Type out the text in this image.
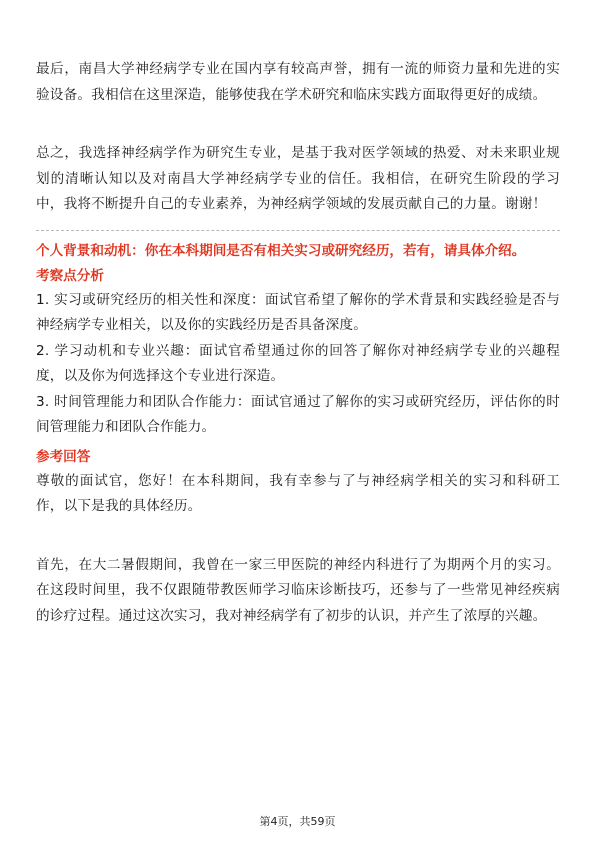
最后，南昌大学神经病学专业在国内享有较高声誉，拥有一流的师资力量和先进的实验设备。我相信在这里深造，能够使我在学术研究和临床实践方面取得更好的成绩。

总之，我选择神经病学作为研究生专业，是基于我对医学领域的热爱、对未来职业规划的清晰认知以及对南昌大学神经病学专业的信任。我相信，在研究生阶段的学习中，我将不断提升自己的专业素养，为神经病学领域的发展贡献自己的力量。谢谢！

个人背景和动机：你在本科期间是否有相关实习或研究经历，若有，请具体介绍。

考察点分析

1. 实习或研究经历的相关性和深度：面试官希望了解你的学术背景和实践经验是否与神经病学专业相关，以及你的实践经历是否具备深度。

2. 学习动机和专业兴趣：面试官希望通过你的回答了解你对神经病学专业的兴趣程度，以及你为何选择这个专业进行深造。

3. 时间管理能力和团队合作能力：面试官通过了解你的实习或研究经历，评估你的时间管理能力和团队合作能力。

参考回答

尊敬的面试官，您好！在本科期间，我有幸参与了与神经病学相关的实习和科研工作，以下是我的具体经历。

首先，在大二暑假期间，我曾在一家三甲医院的神经内科进行了为期两个月的实习。在这段时间里，我不仅跟随带教医师学习临床诊断技巧，还参与了一些常见神经疾病的诊疗过程。通过这次实习，我对神经病学有了初步的认识，并产生了浓厚的兴趣。

第4页，共59页
